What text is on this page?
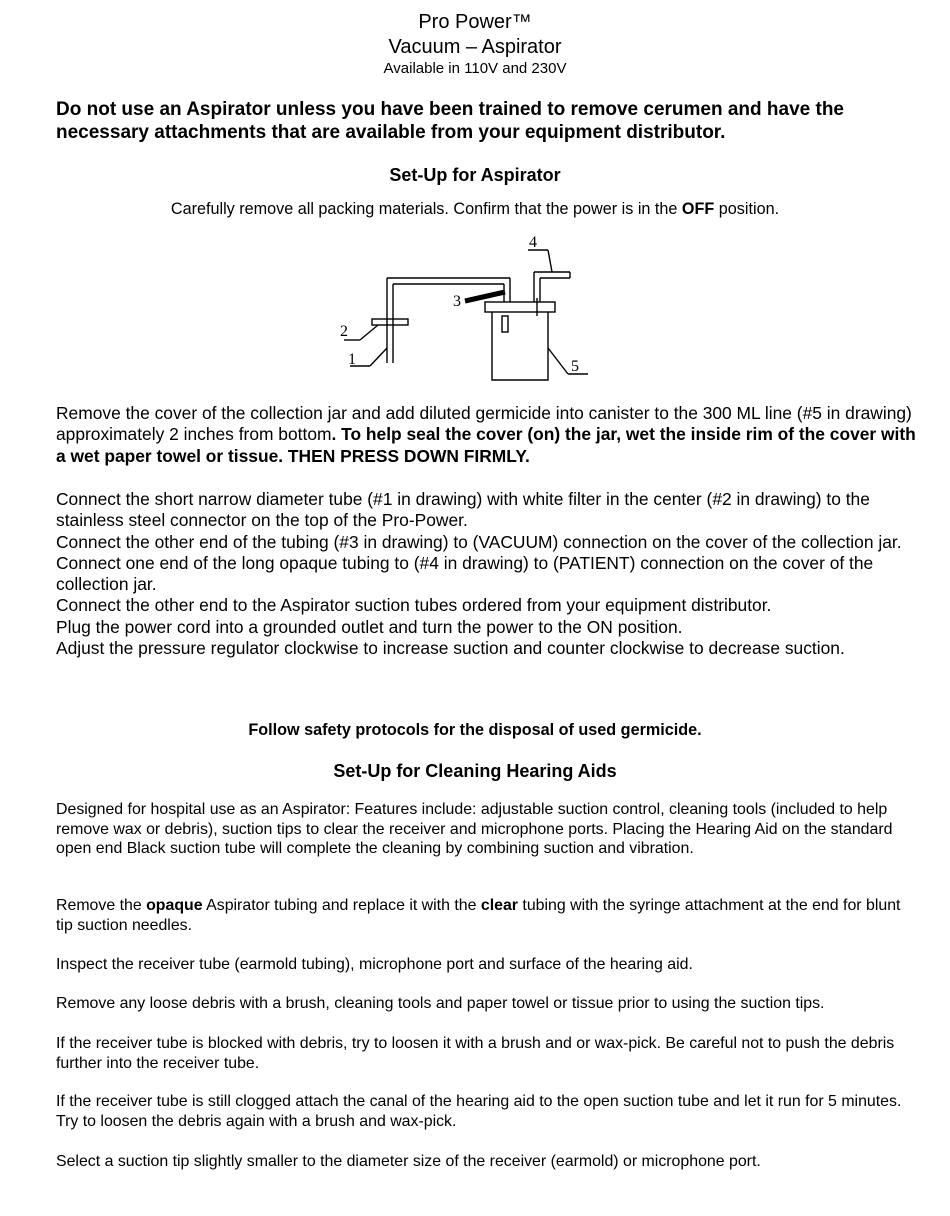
Pro Power™

Vacuum – Aspirator

Available in 110V and 230V

Do not use an Aspirator unless you have been trained to remove cerumen and have the necessary attachments that are available from your equipment distributor.

Set-Up for Aspirator

Carefully remove all packing materials. Confirm that the power is in the OFF position.

1
2
3
4
5

Remove the cover of the collection jar and add diluted germicide into canister to the 300 ML line (#5 in drawing) approximately 2 inches from bottom. To help seal the cover (on) the jar, wet the inside rim of the cover with a wet paper towel or tissue. THEN PRESS DOWN FIRMLY.

Connect the short narrow diameter tube (#1 in drawing) with white filter in the center (#2 in drawing) to the stainless steel connector on the top of the Pro-Power.

Connect the other end of the tubing (#3 in drawing) to (VACUUM) connection on the cover of the collection jar.

Connect one end of the long opaque tubing to (#4 in drawing) to (PATIENT) connection on the cover of the collection jar.

Connect the other end to the Aspirator suction tubes ordered from your equipment distributor.

Plug the power cord into a grounded outlet and turn the power to the ON position.

Adjust the pressure regulator clockwise to increase suction and counter clockwise to decrease suction.

Follow safety protocols for the disposal of used germicide.

Set-Up for Cleaning Hearing Aids

Designed for hospital use as an Aspirator: Features include: adjustable suction control, cleaning tools (included to help remove wax or debris), suction tips to clear the receiver and microphone ports. Placing the Hearing Aid on the standard open end Black suction tube will complete the cleaning by combining suction and vibration.

Remove the opaque Aspirator tubing and replace it with the clear tubing with the syringe attachment at the end for blunt tip suction needles.

Inspect the receiver tube (earmold tubing), microphone port and surface of the hearing aid.

Remove any loose debris with a brush, cleaning tools and paper towel or tissue prior to using the suction tips.

If the receiver tube is blocked with debris, try to loosen it with a brush and or wax-pick. Be careful not to push the debris further into the receiver tube.

If the receiver tube is still clogged attach the canal of the hearing aid to the open suction tube and let it run for 5 minutes. Try to loosen the debris again with a brush and wax-pick.

Select a suction tip slightly smaller to the diameter size of the receiver (earmold) or microphone port.
